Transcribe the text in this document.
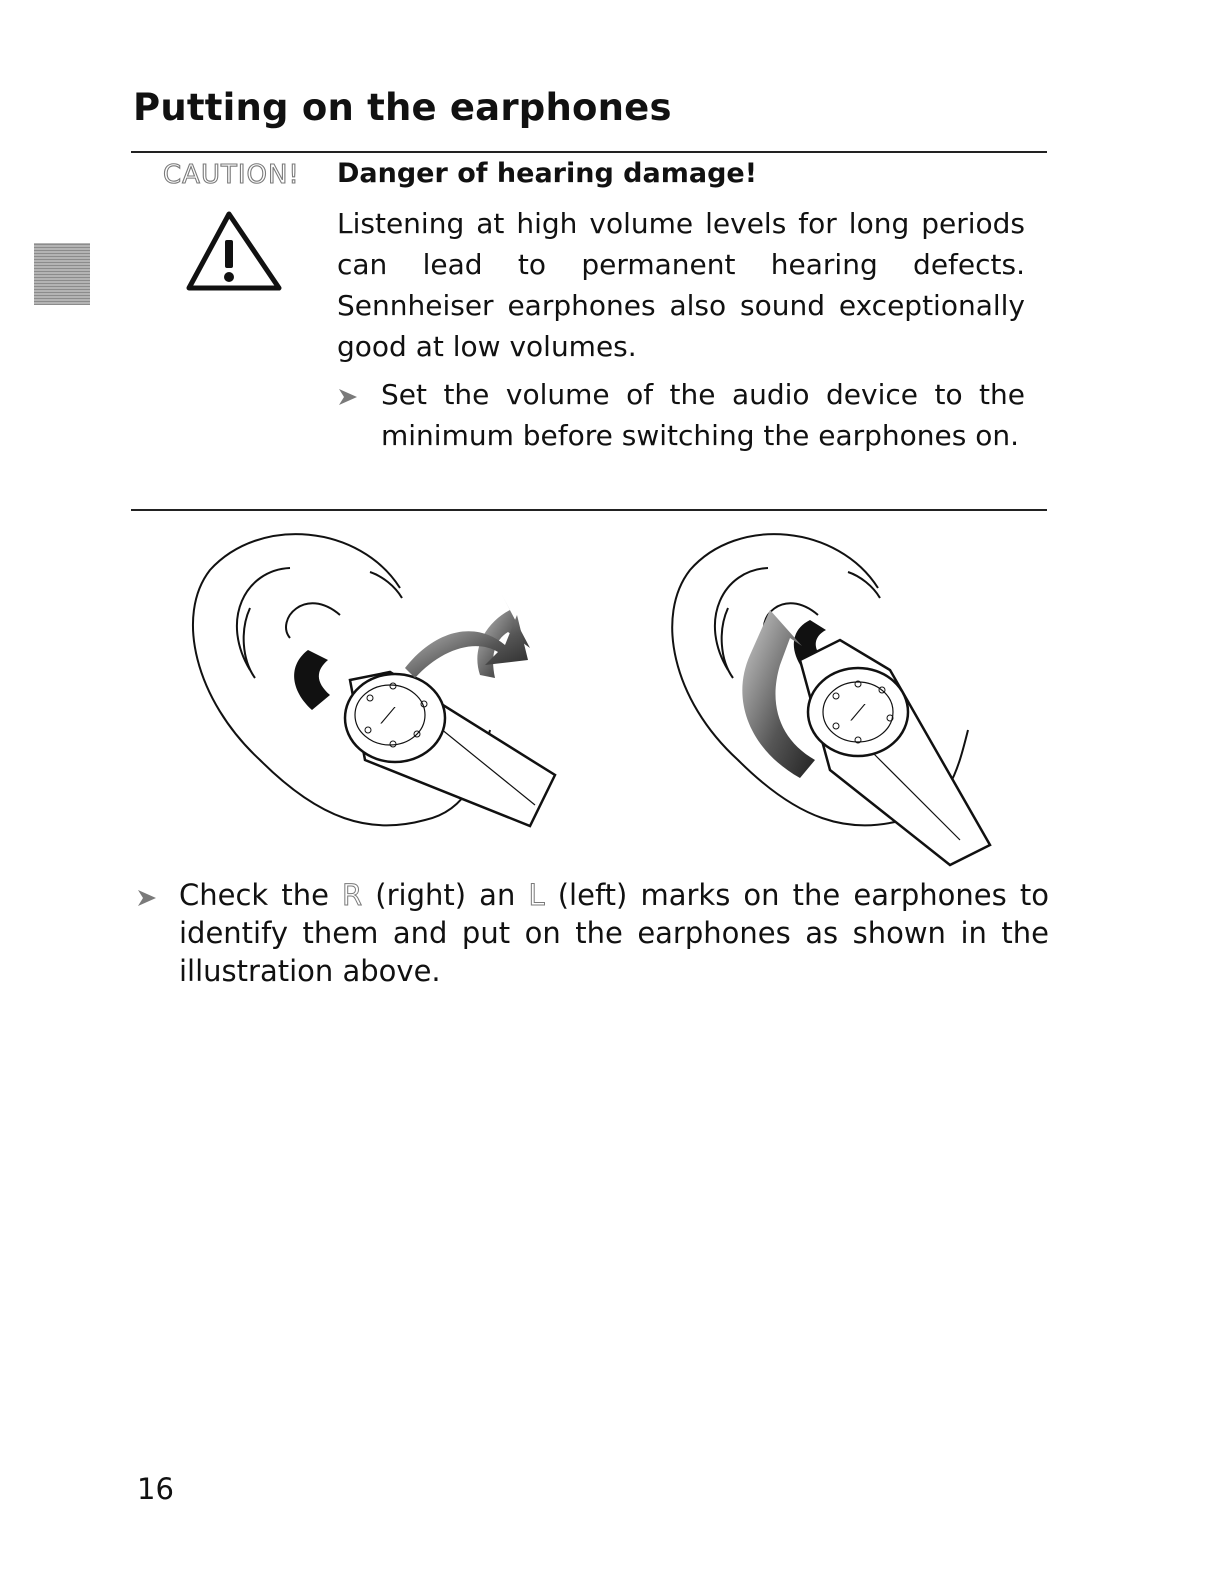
Putting on the earphones
CAUTION! Danger of hearing damage!

Listening at high volume levels for long periods can lead to permanent hearing defects. Sennheiser earphones also sound exceptionally good at low volumes.

Set the volume of the audio device to the minimum before switching the earphones on.

⟋	⟋

Check the R (right) an L (left) marks on the earphones to identify them and put on the earphones as shown in the illustration above.

16
